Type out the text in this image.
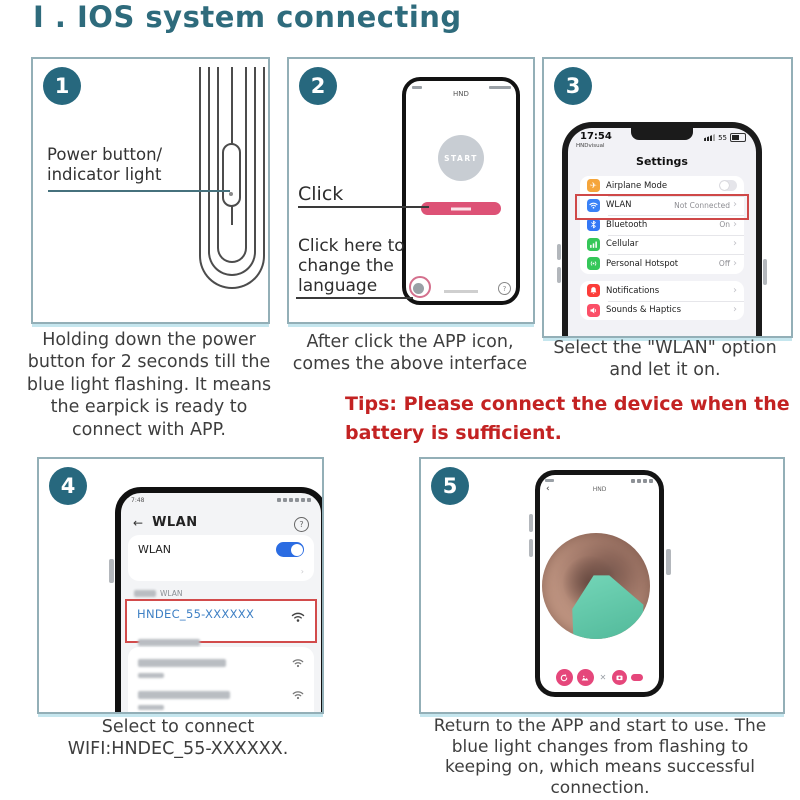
I . IOS system connecting
1
Power button/ indicator light
Holding down the power button for 2 seconds till the blue light flashing. It means the earpick is ready to connect with APP.
2	HND
START
?
Click
Click here to change the language
After click the APP icon, comes the above interface
3
17:54
HNDvisual
55
Settings
✈	Airplane Mode
WLAN	Not Connected
›
Bluetooth	On
›
Cellular
›
Personal Hotspot	Off
›
Notifications
›
Sounds & Haptics
›
Select the "WLAN" option and let it on.
Tips: Please connect the device when the battery is sufficient.
4
7:48
←
WLAN
?
WLAN
›
WLAN
HNDEC_55-XXXXXX
Select to connect WIFI:HNDEC_55-XXXXXX.
5 ‹	HND
✕
Return to the APP and start to use. The blue light changes from flashing to keeping on, which means successful connection.
